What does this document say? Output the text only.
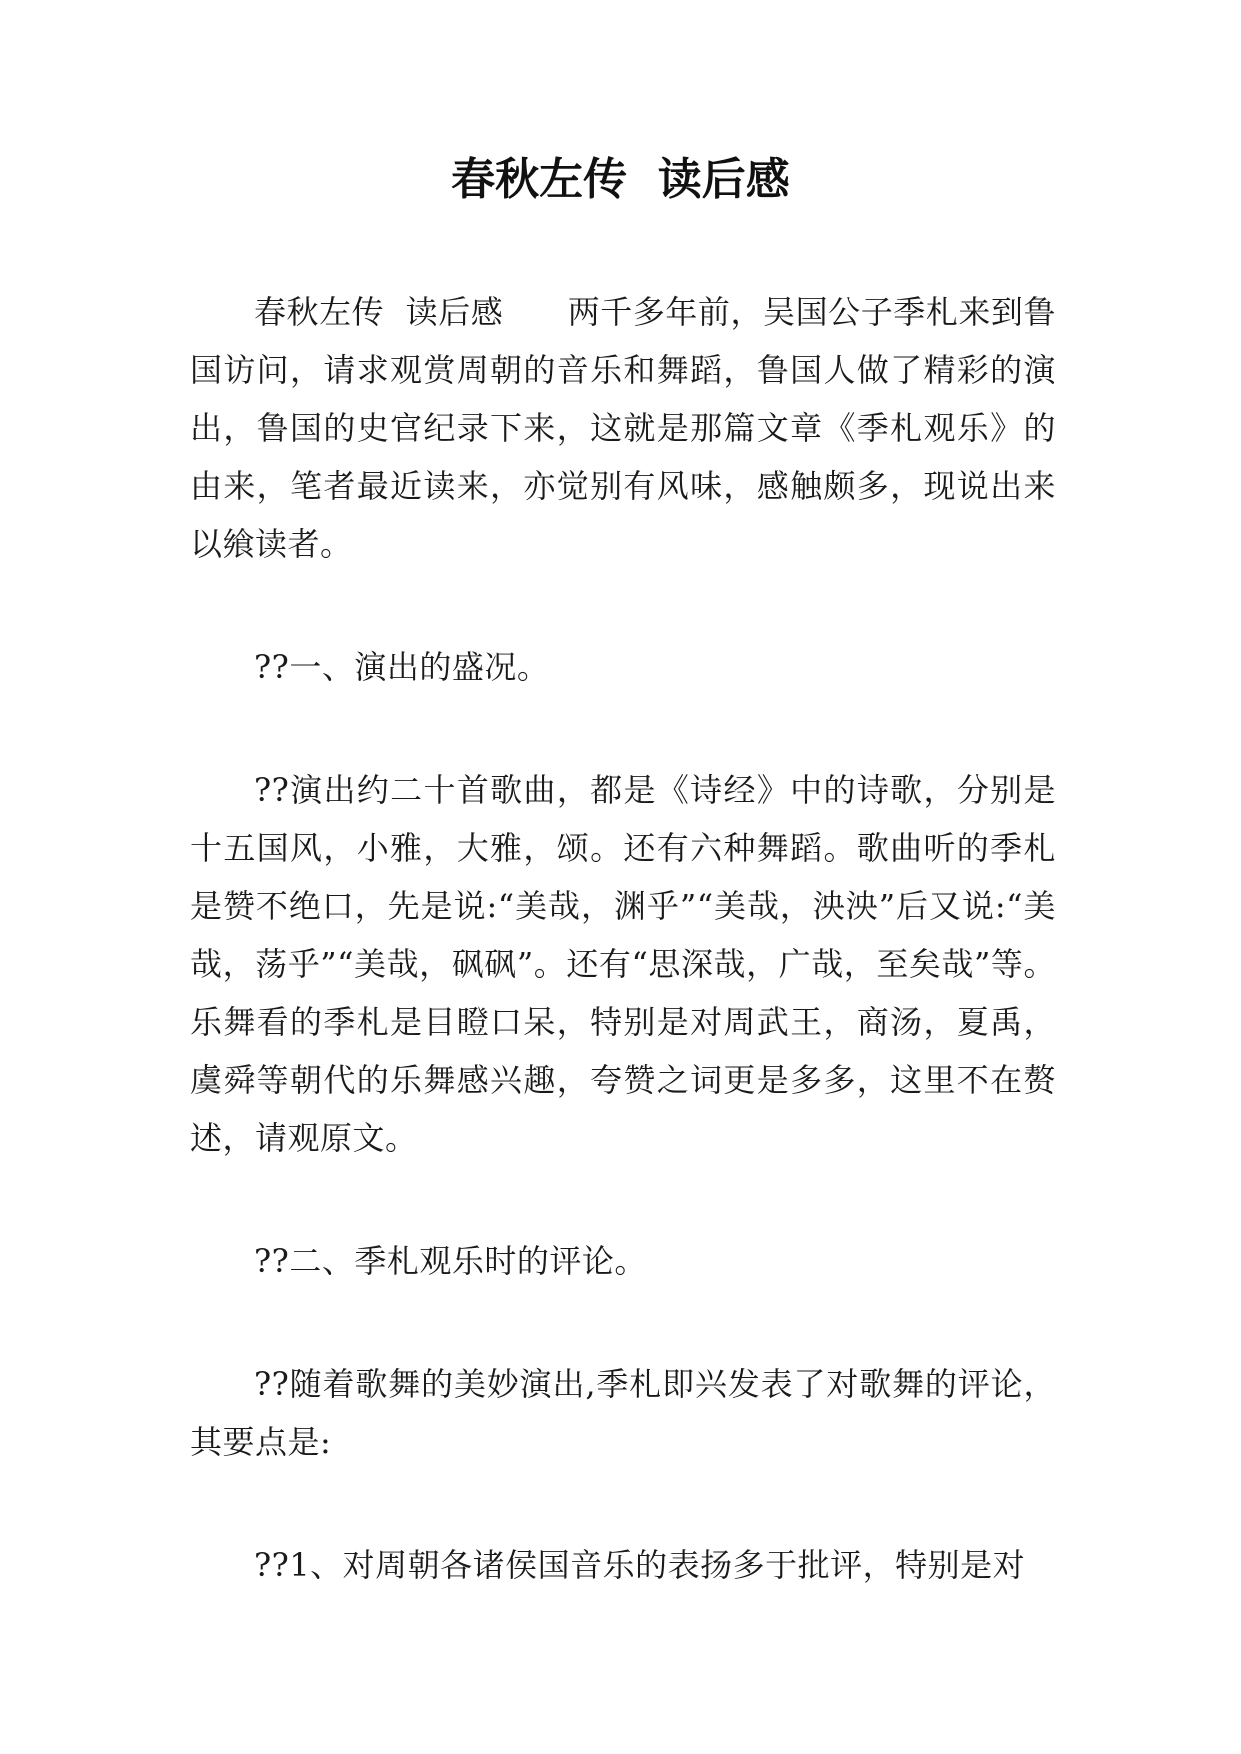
春秋左传  读后感

春秋左传  读后感      两千多年前，吴国公子季札来到鲁国访问，请求观赏周朝的音乐和舞蹈，鲁国人做了精彩的演出，鲁国的史官纪录下来，这就是那篇文章《季札观乐》的由来，笔者最近读来，亦觉别有风味，感触颇多，现说出来以飨读者。

??一、演出的盛况。

??演出约二十首歌曲，都是《诗经》中的诗歌，分别是十五国风，小雅，大雅，颂。还有六种舞蹈。歌曲听的季札是赞不绝口，先是说:“美哉，渊乎”“美哉，泱泱”后又说:“美哉，荡乎”“美哉，砜砜”。还有“思深哉，广哉，至矣哉”等。乐舞看的季札是目瞪口呆，特别是对周武王，商汤，夏禹，虞舜等朝代的乐舞感兴趣，夸赞之词更是多多，这里不在赘述，请观原文。

??二、季札观乐时的评论。

??随着歌舞的美妙演出,季札即兴发表了对歌舞的评论，其要点是:

??1、对周朝各诸侯国音乐的表扬多于批评，特别是对
